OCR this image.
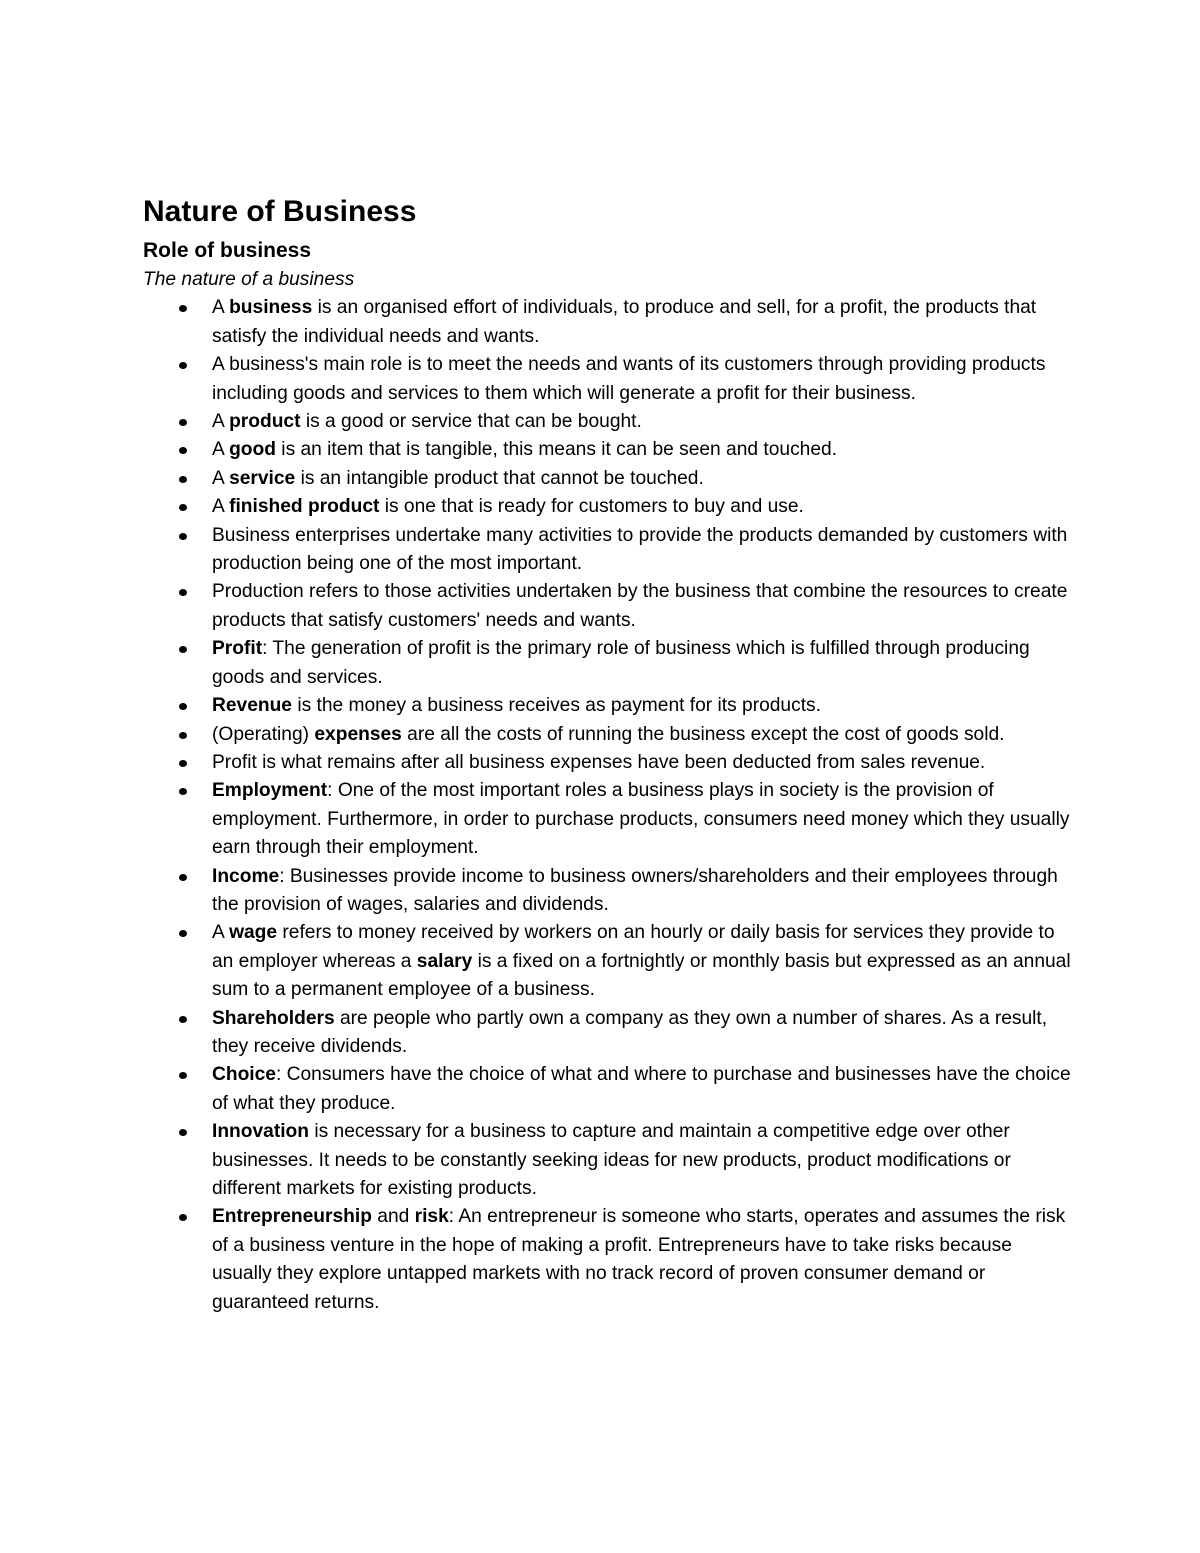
Nature of Business
Role of business
The nature of a business
A business is an organised effort of individuals, to produce and sell, for a profit, the products that satisfy the individual needs and wants.
A business's main role is to meet the needs and wants of its customers through providing products including goods and services to them which will generate a profit for their business.
A product is a good or service that can be bought.
A good is an item that is tangible, this means it can be seen and touched.
A service is an intangible product that cannot be touched.
A finished product is one that is ready for customers to buy and use.
Business enterprises undertake many activities to provide the products demanded by customers with production being one of the most important.
Production refers to those activities undertaken by the business that combine the resources to create products that satisfy customers' needs and wants.
Profit: The generation of profit is the primary role of business which is fulfilled through producing goods and services.
Revenue is the money a business receives as payment for its products.
(Operating) expenses are all the costs of running the business except the cost of goods sold.
Profit is what remains after all business expenses have been deducted from sales revenue.
Employment: One of the most important roles a business plays in society is the provision of employment. Furthermore, in order to purchase products, consumers need money which they usually earn through their employment.
Income: Businesses provide income to business owners/shareholders and their employees through the provision of wages, salaries and dividends.
A wage refers to money received by workers on an hourly or daily basis for services they provide to an employer whereas a salary is a fixed on a fortnightly or monthly basis but expressed as an annual sum to a permanent employee of a business.
Shareholders are people who partly own a company as they own a number of shares. As a result, they receive dividends.
Choice: Consumers have the choice of what and where to purchase and businesses have the choice of what they produce.
Innovation is necessary for a business to capture and maintain a competitive edge over other businesses. It needs to be constantly seeking ideas for new products, product modifications or different markets for existing products.
Entrepreneurship and risk: An entrepreneur is someone who starts, operates and assumes the risk of a business venture in the hope of making a profit. Entrepreneurs have to take risks because usually they explore untapped markets with no track record of proven consumer demand or guaranteed returns.
